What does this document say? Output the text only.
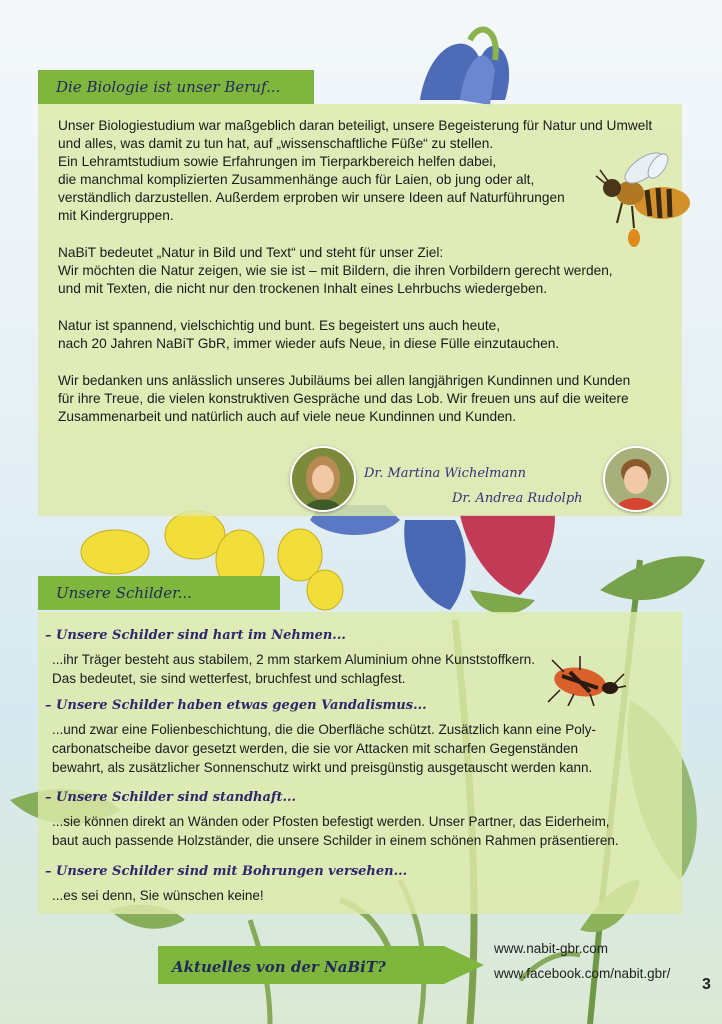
Die Biologie ist unser Beruf...

Unser Biologiestudium war maßgeblich daran beteiligt, unsere Begeisterung für Natur und Umwelt
und alles, was damit zu tun hat, auf „wissenschaftliche Füße“ zu stellen.
Ein Lehramtstudium sowie Erfahrungen im Tierparkbereich helfen dabei,
die manchmal komplizierten Zusammenhänge auch für Laien, ob jung oder alt,
verständlich darzustellen. Außerdem erproben wir unsere Ideen auf Naturführungen
mit Kindergruppen.

NaBiT bedeutet „Natur in Bild und Text“ und steht für unser Ziel:
Wir möchten die Natur zeigen, wie sie ist – mit Bildern, die ihren Vorbildern gerecht werden,
und mit Texten, die nicht nur den trockenen Inhalt eines Lehrbuchs wiedergeben.

Natur ist spannend, vielschichtig und bunt. Es begeistert uns auch heute,
nach 20 Jahren NaBiT GbR, immer wieder aufs Neue, in diese Fülle einzutauchen.

Wir bedanken uns anlässlich unseres Jubiläums bei allen langjährigen Kundinnen und Kunden
für ihre Treue, die vielen konstruktiven Gespräche und das Lob. Wir freuen uns auf die weitere
Zusammenarbeit und natürlich auch auf viele neue Kundinnen und Kunden.

Dr. Martina Wichelmann
Dr. Andrea Rudolph
Unsere Schilder...
– Unsere Schilder sind hart im Nehmen...
...ihr Träger besteht aus stabilem, 2 mm starkem Aluminium ohne Kunststoffkern.
Das bedeutet, sie sind wetterfest, bruchfest und schlagfest.
– Unsere Schilder haben etwas gegen Vandalismus...
...und zwar eine Folienbeschichtung, die die Oberfläche schützt. Zusätzlich kann eine Poly-
carbonatscheibe davor gesetzt werden, die sie vor Attacken mit scharfen Gegenständen
bewahrt, als zusätzlicher Sonnenschutz wirkt und preisgünstig ausgetauscht werden kann.
– Unsere Schilder sind standhaft...
...sie können direkt an Wänden oder Pfosten befestigt werden. Unser Partner, das Eiderheim,
baut auch passende Holzständer, die unsere Schilder in einem schönen Rahmen präsentieren.
– Unsere Schilder sind mit Bohrungen versehen...
...es sei denn, Sie wünschen keine!
Aktuelles von der NaBiT?
www.nabit-gbr.com
www.facebook.com/nabit.gbr/
3
